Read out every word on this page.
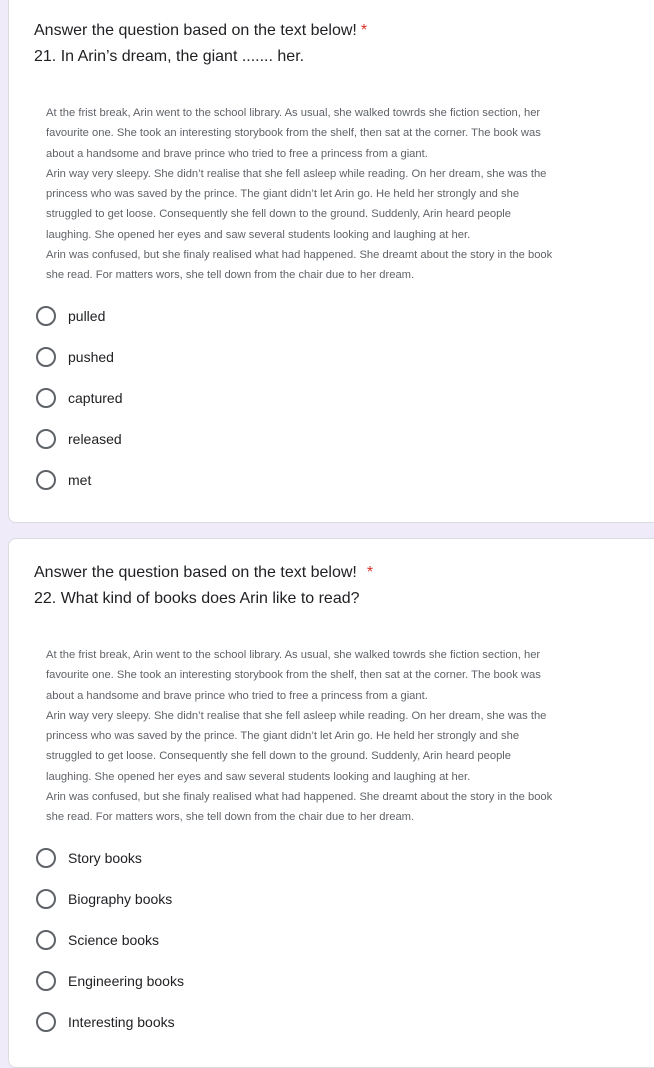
Answer the question based on the text below! *
21. In Arin’s dream, the giant ....... her.
At the frist break, Arin went to the school library. As usual, she walked towrds she fiction section, her
favourite one. She took an interesting storybook from the shelf, then sat at the corner. The book was
about a handsome and brave prince who tried to free a princess from a giant.
Arin way very sleepy. She didn’t realise that she fell asleep while reading. On her dream, she was the
princess who was saved by the prince. The giant didn’t let Arin go. He held her strongly and she
struggled to get loose. Consequently she fell down to the ground. Suddenly, Arin heard people
laughing. She opened her eyes and saw several students looking and laughing at her.
Arin was confused, but she finaly realised what had happened. She dreamt about the story in the book
she read. For matters wors, she tell down from the chair due to her dream.
pulled
pushed
captured
released
met
Answer the question based on the text below! *
22. What kind of books does Arin like to read?
At the frist break, Arin went to the school library. As usual, she walked towrds she fiction section, her
favourite one. She took an interesting storybook from the shelf, then sat at the corner. The book was
about a handsome and brave prince who tried to free a princess from a giant.
Arin way very sleepy. She didn’t realise that she fell asleep while reading. On her dream, she was the
princess who was saved by the prince. The giant didn’t let Arin go. He held her strongly and she
struggled to get loose. Consequently she fell down to the ground. Suddenly, Arin heard people
laughing. She opened her eyes and saw several students looking and laughing at her.
Arin was confused, but she finaly realised what had happened. She dreamt about the story in the book
she read. For matters wors, she tell down from the chair due to her dream.
Story books
Biography books
Science books
Engineering books
Interesting books
